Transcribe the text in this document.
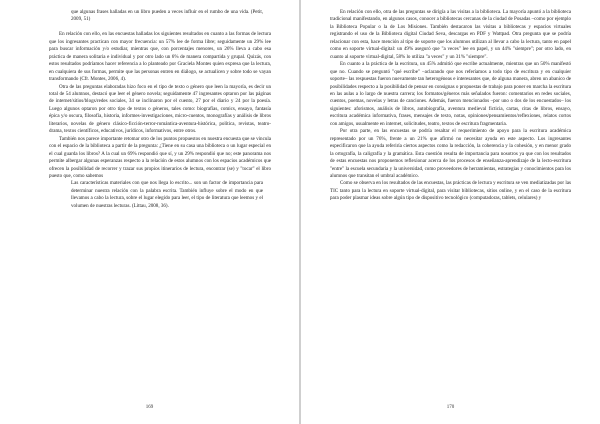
que algunas frases halladas en un libro pueden a veces influir en el rumbo de una vida. (Petit, 2009, 51)

En relación con ello, en las encuestas halladas los siguientes resultados en cuanto a las formas de lectura que los ingresantes practican con mayor frecuencia: un 57% lee de forma libre; seguidamente un 29% lee para buscar información y/o estudiar, mientras que, con porcentajes menores, un 26% lleva a cabo esa práctica de manera solitaria e individual y por otro lado un 6% de manera compartida y grupal. Quizás, con estos resultados podríamos hacer referencia a lo planteado por Graciela Montes quien expresa que la lectura, en cualquiera de sus formas, permite que las personas entren en diálogo, se actualicen y sobre todo se vayan transformando (Cfr. Montes, 2006, 4).

Otra de las preguntas elaboradas hizo foco en el tipo de texto o género que leen la mayoría, es decir un total de 54 alumnos, destacó que leer el género novela; seguidamente 47 ingresantes optaron por las páginas de internet/sitios/blogs/redes sociales, 34 se inclinaron por el cuento, 27 por el diario y 24 por la poesía. Luego algunos optaron por otro tipo de textos o géneros, tales como: biografías, comics, ensayo, fantasía épica y/o oscura, filosofía, historia, informes-investigaciones, micro-cuentos, monografías y análisis de libros literarios, novelas de género clásico-ficción-terror-romántica-aventura-histórica, política, revistas, teatro-drama, textos científicos, educativos, jurídicos, informativos, entre otros.

También nos parece importante retomar otro de los puntos propuestos en nuestra encuesta que se vincula con el espacio de la biblioteca a partir de la pregunta: ¿Tiene en su casa una biblioteca o un lugar especial en el cual guarda los libros? A la cual un 69% respondió que sí, y un 29% respondió que no; este panorama nos permite albergar algunas esperanzas respecto a la relación de estos alumnos con los espacios académicos que ofrecen la posibilidad de recorrer y trazar sus propios itinerarios de lectura, encontrar (se) y "tocar" el libro puesto que, como sabemos

Las características materiales con que nos llega lo escrito... son un factor de importancia para determinar nuestra relación con la palabra escrita. También influye sobre el modo en que llevamos a cabo la lectura, sobre el lugar elegido para leer, el tipo de literatura que leemos y el volumen de nuestras lecturas. (Littau, 2008, 36).

169

En relación con ello, otra de las preguntas se dirigía a las visitas a la biblioteca. La mayoría apuntó a la biblioteca tradicional manifestando, en algunos casos, conocer a bibliotecas cercanas de la ciudad de Posadas –como por ejemplo la Biblioteca Popular o la de Los Misiones. También destacaron las visitas a bibliotecas y espacios virtuales registrando el uso de la Biblioteca digital Ciudad Seva, descargas en PDF y Wattpad. Otra pregunta que se podría relacionar con esta, hace mención al tipo de soporte que los alumnos utilizan al llevar a cabo la lectura, tanto en papel como en soporte virtual-digital: un 49% aseguró que "a veces" lee en papel, y un 44% "siempre"; por otro lado, en cuanto al soporte virtual-digital, 58% lo utiliza "a veces" y un 31% "siempre".

En cuanto a la práctica de la escritura, un 45% admitió que escribe actualmente, mientras que un 50% manifestó que no. Cuando se preguntó "qué escribe" –aclarando que nos referíamos a todo tipo de escritura y en cualquier soporte– las respuestas fueron nuevamente tan heterogéneas e interesantes que, de alguna manera, abren un abanico de posibilidades respecto a la posibilidad de pensar en consignas o propuestas de trabajo para poner en marcha la escritura en las aulas a lo largo de nuestra carrera; los formatos/géneros más señalados fueron: comentarios en redes sociales, cuentos, poemas, novelas y letras de canciones. Además, fueron mencionados –por uno o dos de los encuestados– los siguientes: aforismos, análisis de libros, autobiografía, aventura medieval ficticia, cartas, citas de libros, ensayo, escritura académica informativa, frases, mensajes de texto, notas, opiniones/pensamientos/reflexiones, relatos cortos con amigos, usualmente en internet, solicitudes, teatro, textos de escritura fragmentaria.

Por otra parte, en las encuestas se podría resaltar el requerimiento de apoyo para la escritura académica representado por un 76%, frente a un 21% que afirmó no necesitar ayuda en este aspecto. Los ingresantes especificaron que la ayuda referiría ciertos aspectos como la redacción, la coherencia y la cohesión, y en menor grado la ortografía, la caligrafía y la gramática. Esta cuestión resulta de importancia para nosotros ya que con los resultados de estas encuestas nos proponemos reflexionar acerca de los procesos de enseñanza-aprendizaje de la lecto-escritura "entre" la escuela secundaria y la universidad, como proveedores de herramientas, estrategias y conocimientos para los alumnos que transitan el umbral académico.

Como se observa en los resultados de las encuestas, las prácticas de lectura y escritura se ven mediatizadas por las TIC tanto para la lectura en soporte virtual-digital, para visitar bibliotecas, sitios online, y en el caso de la escritura para poder plasmar ideas sobre algún tipo de dispositivo tecnológico (computadoras, tablets, celulares) y

170
